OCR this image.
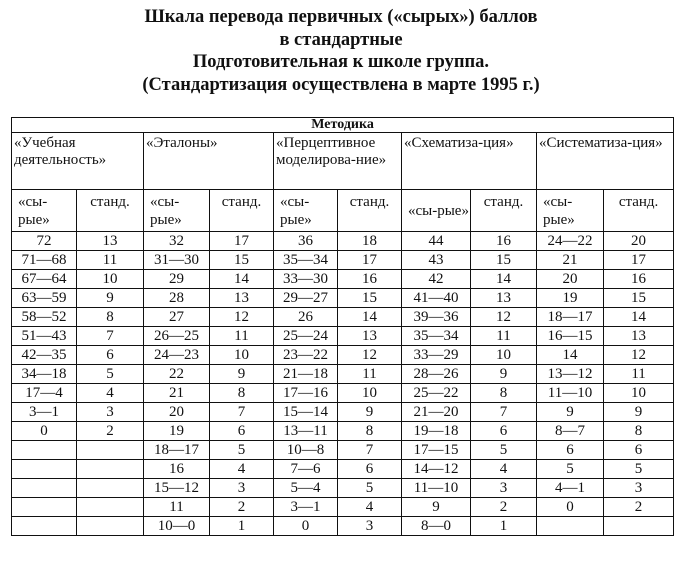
Шкала перевода первичных («сырых») баллов
в стандартные
Подготовительная к школе группа.
(Стандартизация осуществлена в марте 1995 г.)
Методика									
«Учебная деятельность»		«Эталоны»		«Перцептивное моделирова-ние»		«Схематиза-ция»		«Систематиза-ция»	
«сы-рые»	станд.	«сы-рые»	станд.	«сы-рые»	станд.	«сы-рые»	станд.	«сы-рые»	станд.
72	13	32	17	36	18	44	16	24—22	20
71—68	11	31—30	15	35—34	17	43	15	21	17
67—64	10	29	14	33—30	16	42	14	20	16
63—59	9	28	13	29—27	15	41—40	13	19	15
58—52	8	27	12	26	14	39—36	12	18—17	14
51—43	7	26—25	11	25—24	13	35—34	11	16—15	13
42—35	6	24—23	10	23—22	12	33—29	10	14	12
34—18	5	22	9	21—18	11	28—26	9	13—12	11
17—4	4	21	8	17—16	10	25—22	8	11—10	10
3—1	3	20	7	15—14	9	21—20	7	9	9
0	2	19	6	13—11	8	19—18	6	8—7	8
		18—17	5	10—8	7	17—15	5	6	6
		16	4	7—6	6	14—12	4	5	5
		15—12	3	5—4	5	11—10	3	4—1	3
		11	2	3—1	4	9	2	0	2
		10—0	1	0	3	8—0	1		
